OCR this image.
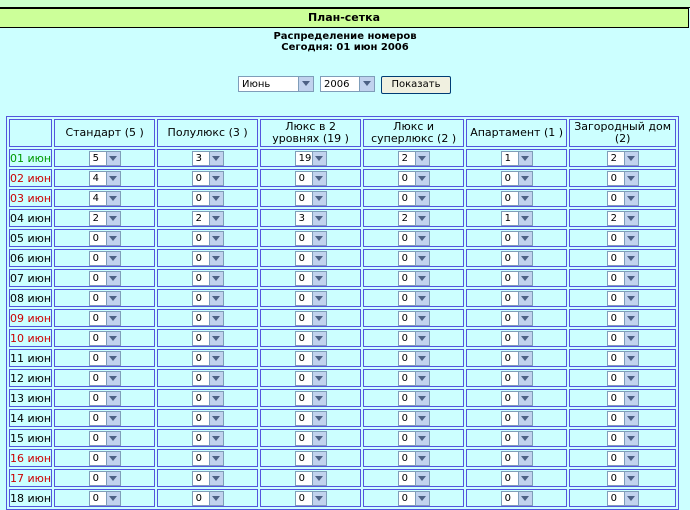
План-сетка
Распределение номеров
Сегодня: 01 июн 2006
Июнь	2006	Показать
	Стандарт (5 )	Полулюкс (3 )	Люкс в 2 уровнях (19 )	Люкс и суперлюкс (2 )	Апартамент (1 )	Загородный дом (2)
01 июн	5	3	19	2	1	2

02 июн	4	0	0	0	0	0

03 июн	4	0	0	0	0	0

04 июн	2	2	3	2	1	2

05 июн	0	0	0	0	0	0

06 июн	0	0	0	0	0	0

07 июн	0	0	0	0	0	0

08 июн	0	0	0	0	0	0

09 июн	0	0	0	0	0	0

10 июн	0	0	0	0	0	0

11 июн	0	0	0	0	0	0

12 июн	0	0	0	0	0	0

13 июн	0	0	0	0	0	0

14 июн	0	0	0	0	0	0

15 июн	0	0	0	0	0	0

16 июн	0	0	0	0	0	0

17 июн	0	0	0	0	0	0

18 июн	0	0	0	0	0	0
